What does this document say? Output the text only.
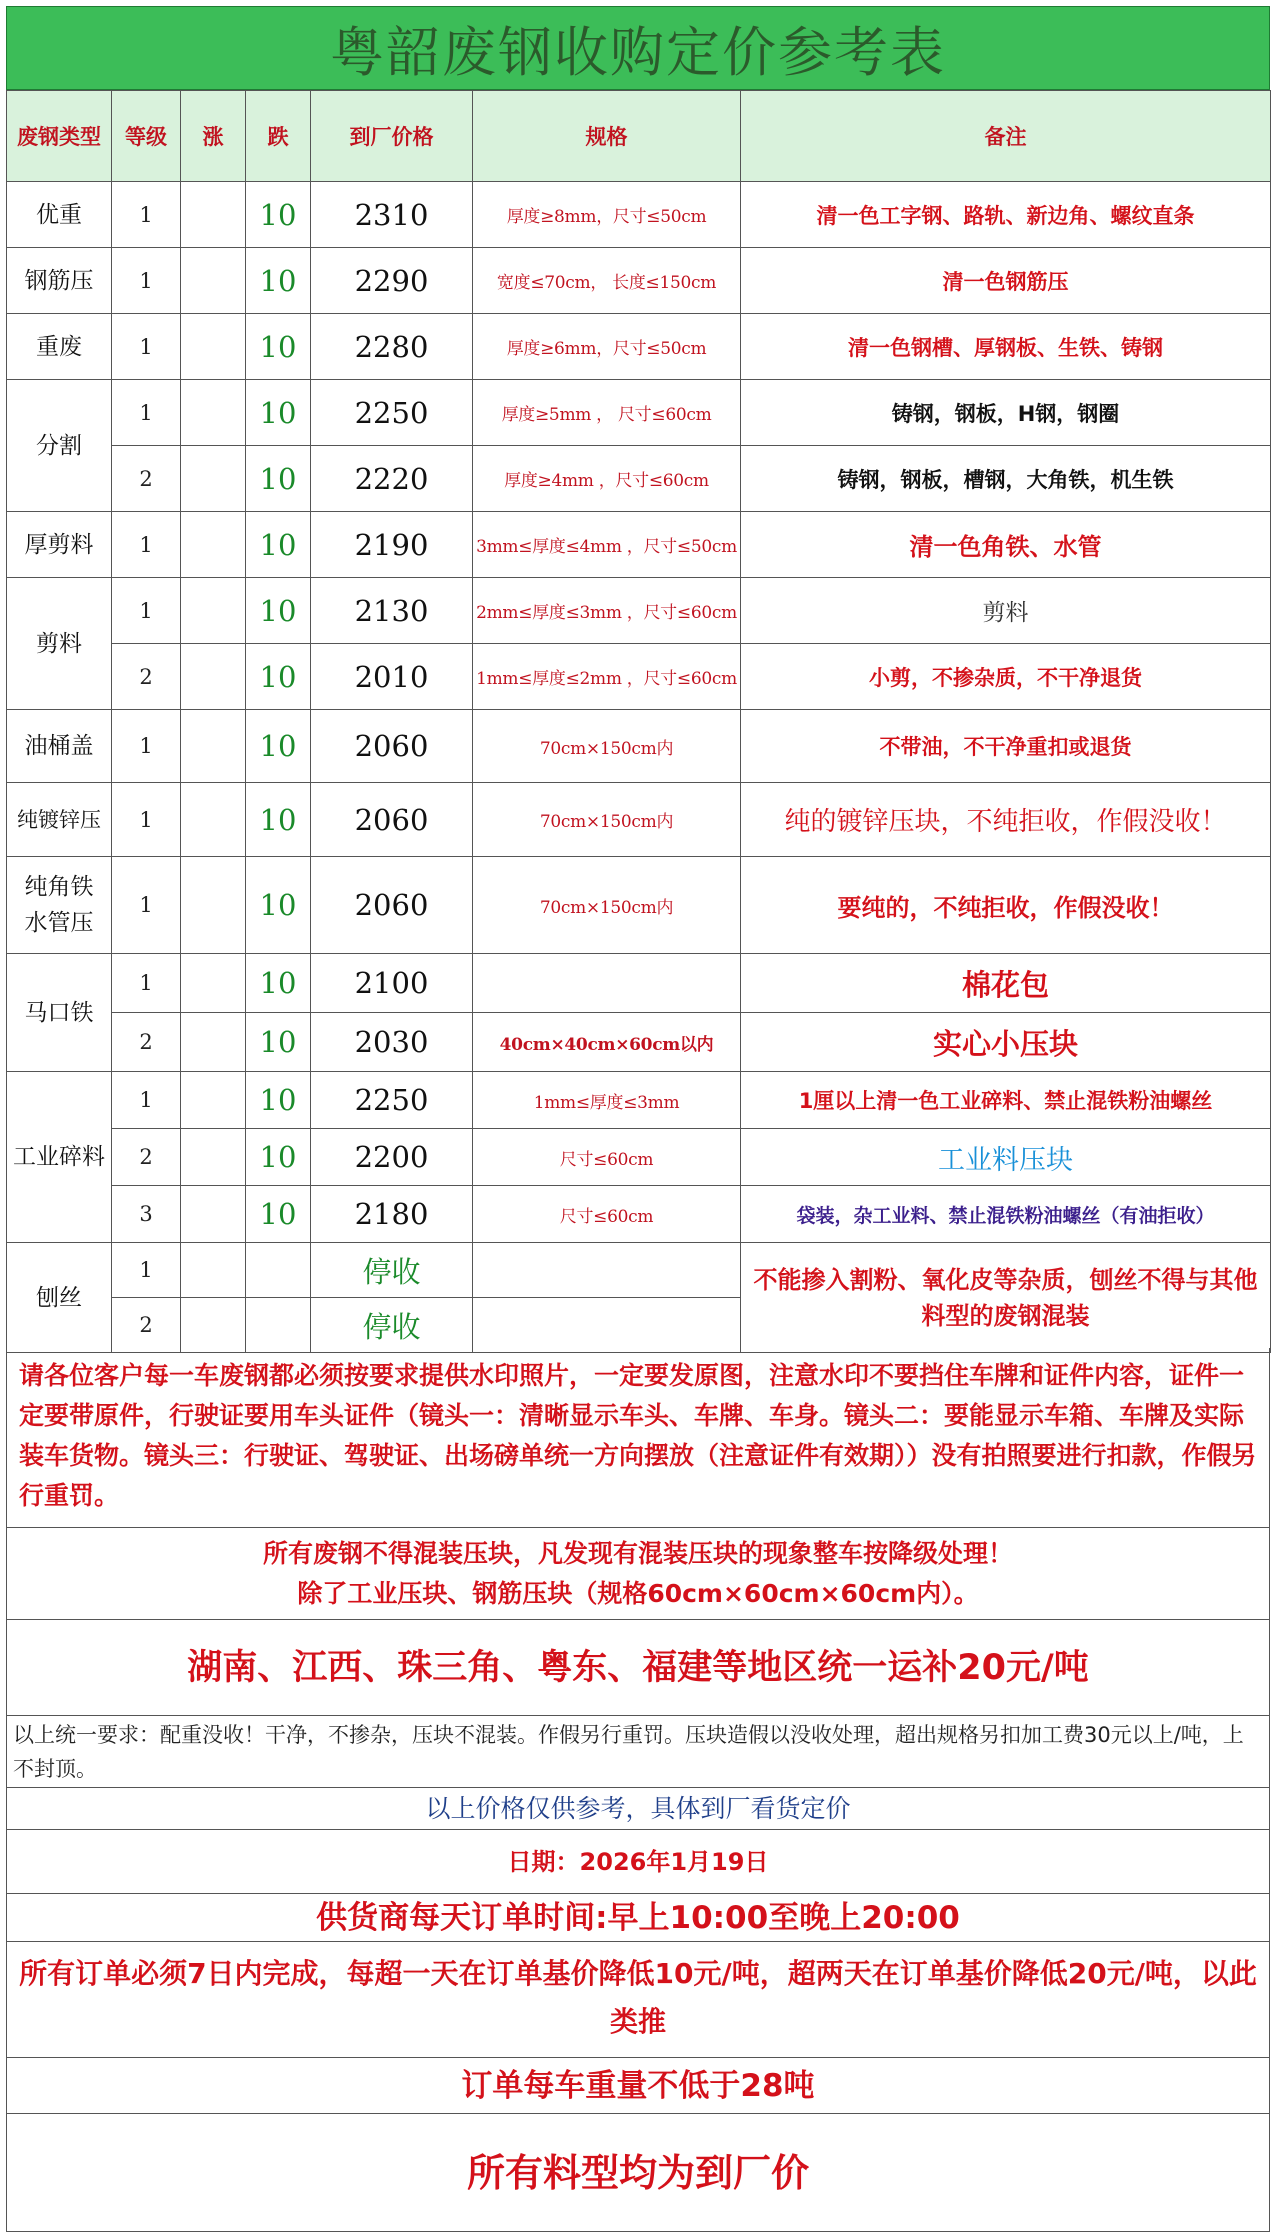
粤韶废钢收购定价参考表
废钢类型	等级	涨	跌	到厂价格	规格	备注
优重	1		10	2310	厚度≥8mm，尺寸≤50cm	清一色工字钢、路轨、新边角、螺纹直条
钢筋压	1		10	2290	宽度≤70cm， 长度≤150cm	清一色钢筋压
重废	1		10	2280	厚度≥6mm，尺寸≤50cm	清一色钢槽、厚钢板、生铁、铸钢
分割	1		10	2250	厚度≥5mm ， 尺寸≤60cm	铸钢，钢板，H钢，钢圈
	2		10	2220	厚度≥4mm ，尺寸≤60cm	铸钢，钢板，槽钢，大角铁，机生铁
厚剪料	1		10	2190	3mm≤厚度≤4mm ，尺寸≤50cm	清一色角铁、水管
剪料	1		10	2130	2mm≤厚度≤3mm ，尺寸≤60cm	剪料
	2		10	2010	1mm≤厚度≤2mm ，尺寸≤60cm	小剪，不掺杂质，不干净退货
油桶盖	1		10	2060	70cm×150cm内	不带油，不干净重扣或退货
纯镀锌压	1		10	2060	70cm×150cm内	纯的镀锌压块，不纯拒收，作假没收！
纯角铁水管压	1		10	2060	70cm×150cm内	要纯的，不纯拒收，作假没收！
马口铁	1		10	2100		棉花包
	2		10	2030	40cm×40cm×60cm以内	实心小压块
工业碎料	1		10	2250	1mm≤厚度≤3mm	1厘以上清一色工业碎料、禁止混铁粉油螺丝
	2		10	2200	尺寸≤60cm	工业料压块
	3		10	2180	尺寸≤60cm	袋装，杂工业料、禁止混铁粉油螺丝（有油拒收）
刨丝	1			停收		不能掺入割粉、氧化皮等杂质，刨丝不得与其他料型的废钢混装
	2			停收		
请各位客户每一车废钢都必须按要求提供水印照片，一定要发原图，注意水印不要挡住车牌和证件内容，证件一定要带原件，行驶证要用车头证件（镜头一：清晰显示车头、车牌、车身。镜头二：要能显示车箱、车牌及实际装车货物。镜头三：行驶证、驾驶证、出场磅单统一方向摆放（注意证件有效期））没有拍照要进行扣款，作假另行重罚。
所有废钢不得混装压块，凡发现有混装压块的现象整车按降级处理！
除了工业压块、钢筋压块（规格60cm×60cm×60cm内）。
湖南、江西、珠三角、粤东、福建等地区统一运补20元/吨
以上统一要求：配重没收！干净，不掺杂，压块不混装。作假另行重罚。压块造假以没收处理，超出规格另扣加工费30元以上/吨，上不封顶。
以上价格仅供参考，具体到厂看货定价
日期：2026年1月19日
供货商每天订单时间:早上10:00至晚上20:00
所有订单必须7日内完成，每超一天在订单基价降低10元/吨，超两天在订单基价降低20元/吨，以此类推
订单每车重量不低于28吨
所有料型均为到厂价
